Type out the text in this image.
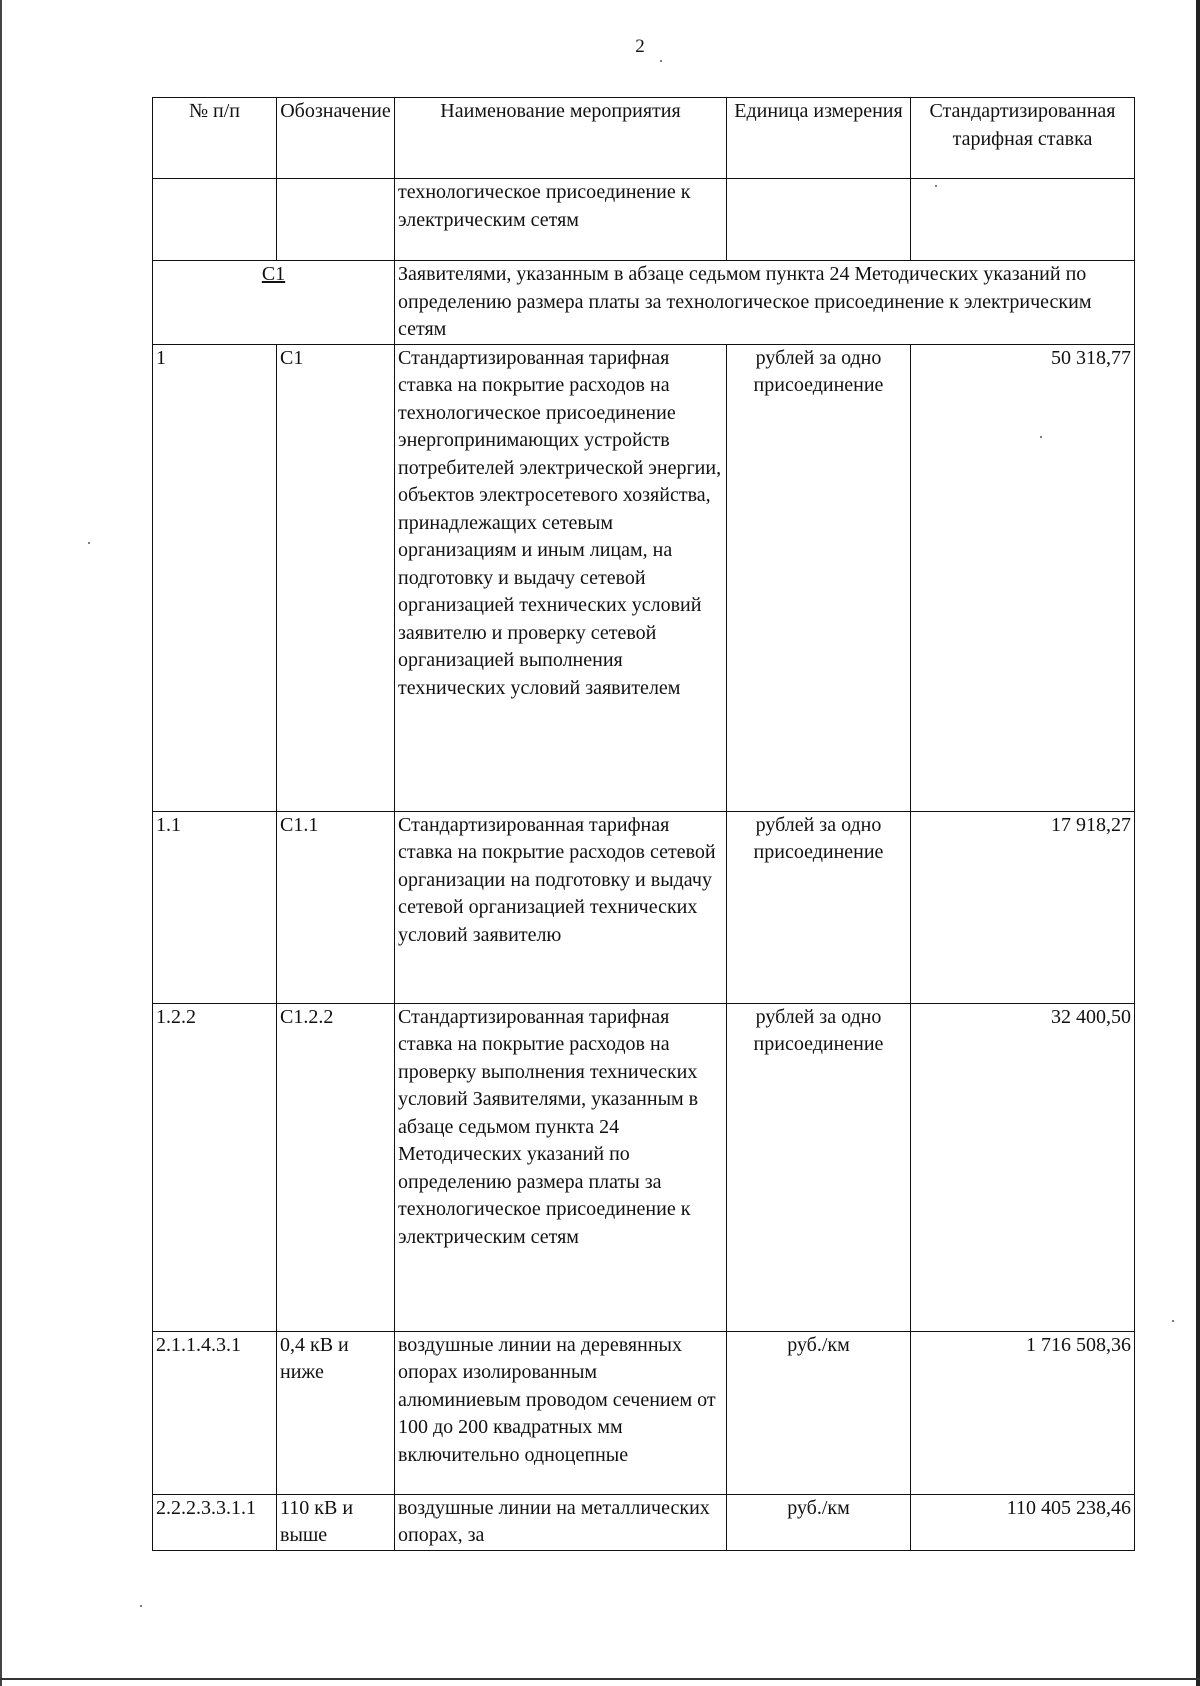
2
№ п/п	Обозначение	Наименование мероприятия	Единица измерения	Стандартизированная тарифная ставка
		технологическое присоединение к электрическим сетям		
С1		Заявителями, указанным в абзаце седьмом пункта 24 Методических указаний по определению размера платы за технологическое присоединение к электрическим сетям		
1	С1	Стандартизированная тарифная ставка на покрытие расходов на технологическое присоединение энергопринимающих устройств потребителей электрической энергии, объектов электросетевого хозяйства, принадлежащих сетевым организациям и иным лицам, на подготовку и выдачу сетевой организацией технических условий заявителю и проверку сетевой организацией выполнения технических условий заявителем	рублей за одно присоединение	50 318,77
1.1	С1.1	Стандартизированная тарифная ставка на покрытие расходов сетевой организации на подготовку и выдачу сетевой организацией технических условий заявителю	рублей за одно присоединение	17 918,27
1.2.2	С1.2.2	Стандартизированная тарифная ставка на покрытие расходов на проверку выполнения технических условий Заявителями, указанным в абзаце седьмом пункта 24 Методических указаний по определению размера платы за технологическое присоединение к электрическим сетям	рублей за одно присоединение	32 400,50
2.1.1.4.3.1	0,4 кВ и ниже	воздушные линии на деревянных опорах изолированным алюминиевым проводом сечением от 100 до 200 квадратных мм включительно одноцепные	руб./км	1 716 508,36
2.2.2.3.3.1.1	110 кВ и выше	воздушные линии на металлических опорах, за	руб./км	110 405 238,46
